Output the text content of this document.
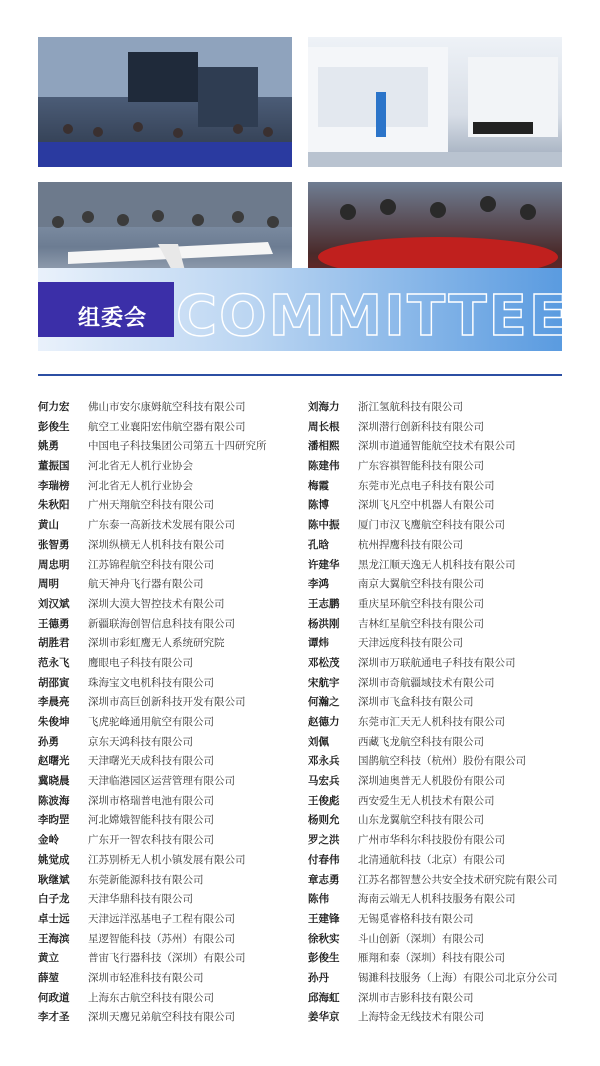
COMMITTEE
组委会
何力宏 佛山市安尔康姆航空科技有限公司
彭俊生 航空工业襄阳宏伟航空器有限公司
姚勇	中国电子科技集团公司第五十四研究所
董振国 河北省无人机行业协会
李瑞榜 河北省无人机行业协会
朱秋阳 广州天翔航空科技有限公司
黄山	广东泰一高新技术发展有限公司
张智勇 深圳纵横无人机科技有限公司
周忠明 江苏锦程航空科技有限公司
周明	航天神舟飞行器有限公司
刘汉斌 深圳大漠大智控技术有限公司
王德勇 新疆联海创智信息科技有限公司
胡胜君 深圳市彩虹鹰无人系统研究院
范永飞 鹰眼电子科技有限公司
胡邵寅 珠海宝文电机科技有限公司
李晨亮 深圳市高巨创新科技开发有限公司
朱俊坤 飞虎驼峰通用航空有限公司
孙勇	京东天鸿科技有限公司
赵曙光 天津曙光天成科技有限公司
冀晓晨 天津临港园区运营管理有限公司
陈波海 深圳市格瑞普电池有限公司
李昀罡 河北嫦娥智能科技有限公司
金岭	广东开一智农科技有限公司
姚觉成 江苏别桥无人机小镇发展有限公司
耿继斌 东莞新能源科技有限公司
白子龙 天津华鼎科技有限公司
卓士远 天津远洋泓基电子工程有限公司
王海滨 星逻智能科技（苏州）有限公司
黄立	普宙飞行器科技（深圳）有限公司
薛堃	深圳市轻准科技有限公司
何政道 上海东古航空科技有限公司
李才圣 深圳天鹰兄弟航空科技有限公司
刘海力 浙江氢航科技有限公司
周长根 深圳潜行创新科技有限公司
潘相熙 深圳市道通智能航空技术有限公司
陈建伟 广东容祺智能科技有限公司
梅霞	东莞市光点电子科技有限公司
陈博	深圳飞凡空中机器人有限公司
陈中振 厦门市汉飞鹰航空科技有限公司
孔晗	杭州捍鹰科技有限公司
许建华 黑龙江顺天逸无人机科技有限公司
李鸿	南京大翼航空科技有限公司
王志鹏 重庆星环航空科技有限公司
杨洪刚 吉林红星航空科技有限公司
谭炜	天津远度科技有限公司
邓松茂 深圳市万联航通电子科技有限公司
宋航宇 深圳市奇航疆域技术有限公司
何瀚之 深圳市飞盒科技有限公司
赵德力 东莞市汇天无人机科技有限公司
刘佩	西藏飞龙航空科技有限公司
邓永兵 国鹊航空科技（杭州）股份有限公司
马宏兵 深圳迪奥普无人机股份有限公司
王俊彪 西安爱生无人机技术有限公司
杨则允 山东龙翼航空科技有限公司
罗之洪 广州市华科尔科技股份有限公司
付春伟 北清通航科技（北京）有限公司
章志勇 江苏名都智慧公共安全技术研究院有限公司
陈伟	海南云端无人机科技服务有限公司
王建锋 无锡觅睿格科技有限公司
徐秋实 斗山创新（深圳）有限公司
彭俊生 雁翔和泰（深圳）科技有限公司
孙丹	锡濉科技服务（上海）有限公司北京分公司
邱海虹 深圳市吉影科技有限公司
姜华京 上海特金无线技术有限公司
